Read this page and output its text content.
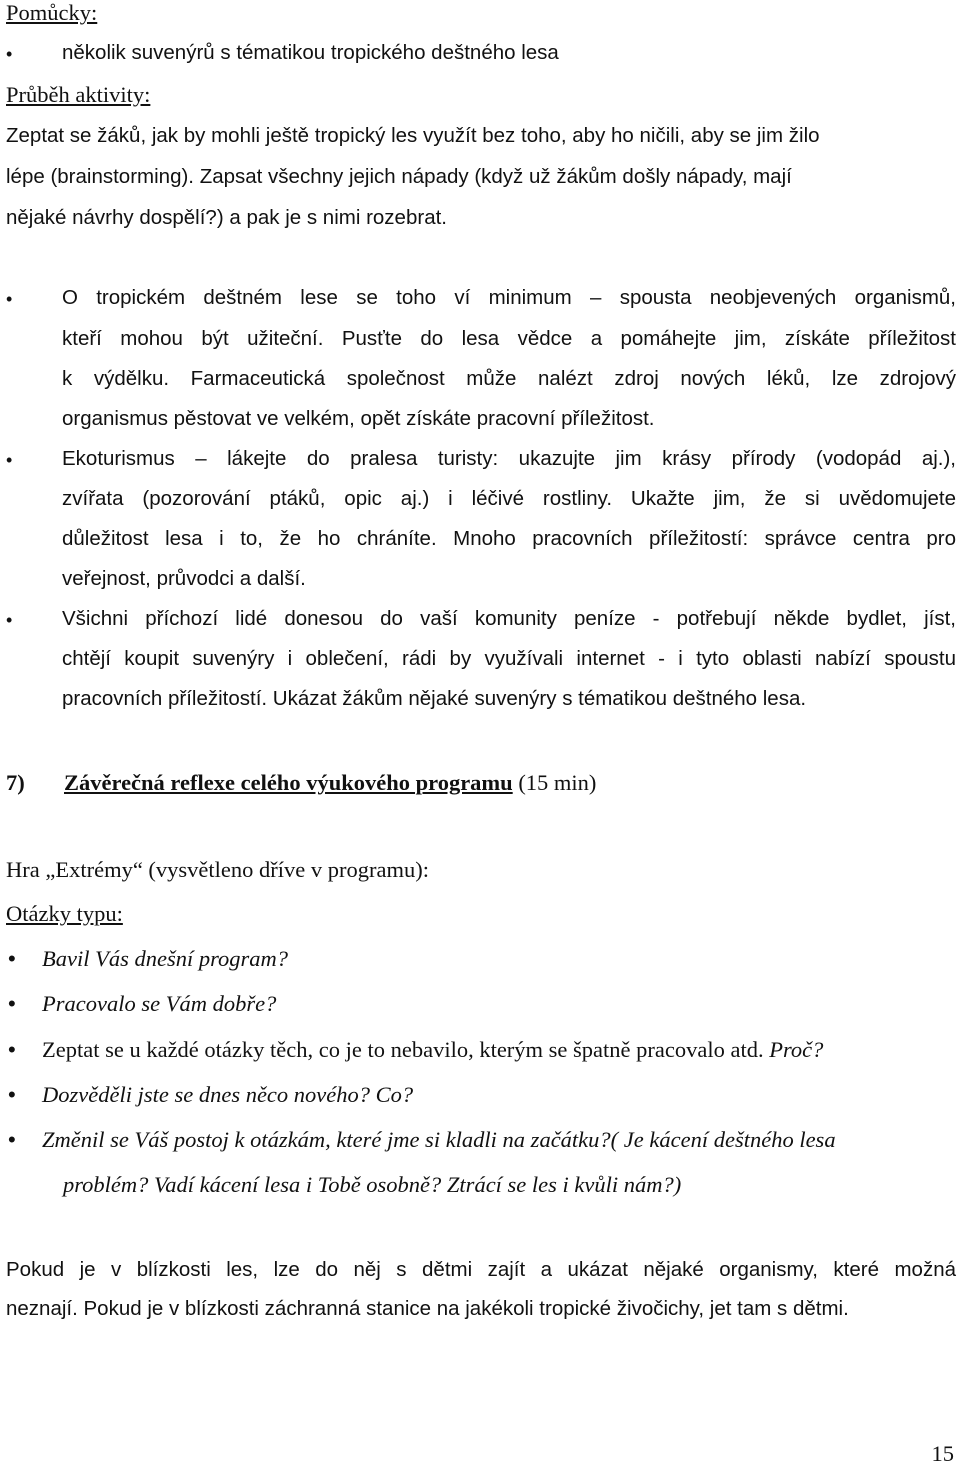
Pomůcky:
• několik suvenýrů s tématikou tropického deštného lesa
Průběh aktivity:
Zeptat se žáků, jak by mohli ještě tropický les využít bez toho, aby ho ničili, aby se jim žilo
lépe (brainstorming). Zapsat všechny jejich nápady (když už žákům došly nápady, mají
nějaké návrhy dospělí?) a pak je s nimi rozebrat.
• O tropickém deštném lese se toho ví minimum – spousta neobjevených organismů,
kteří mohou být užiteční. Pusťte do lesa vědce a pomáhejte jim, získáte příležitost
k výdělku. Farmaceutická společnost může nalézt zdroj nových léků, lze zdrojový
organismus pěstovat ve velkém, opět získáte pracovní příležitost.
• Ekoturismus – lákejte do pralesa turisty: ukazujte jim krásy přírody (vodopád aj.),
zvířata (pozorování ptáků, opic aj.) i léčivé rostliny. Ukažte jim, že si uvědomujete
důležitost lesa i to, že ho chráníte. Mnoho pracovních příležitostí: správce centra pro
veřejnost, průvodci a další.
• Všichni příchozí lidé donesou do vaší komunity peníze - potřebují někde bydlet, jíst,
chtějí koupit suvenýry i oblečení, rádi by využívali internet - i tyto oblasti nabízí spoustu
pracovních příležitostí. Ukázat žákům nějaké suvenýry s tématikou deštného lesa.
7) Závěrečná reflexe celého výukového programu (15 min)
Hra „Extrémy“ (vysvětleno dříve v programu):
Otázky typu:
• Bavil Vás dnešní program?
• Pracovalo se Vám dobře?
• Zeptat se u každé otázky těch, co je to nebavilo, kterým se špatně pracovalo atd. Proč?
• Dozvěděli jste se dnes něco nového? Co?
• Změnil se Váš postoj k otázkám, které jme si kladli na začátku?( Je kácení deštného lesa
problém? Vadí kácení lesa i Tobě osobně? Ztrácí se les i kvůli nám?)
Pokud je v blízkosti les, lze do něj s dětmi zajít a ukázat nějaké organismy, které možná
neznají. Pokud je v blízkosti záchranná stanice na jakékoli tropické živočichy, jet tam s dětmi.
15
